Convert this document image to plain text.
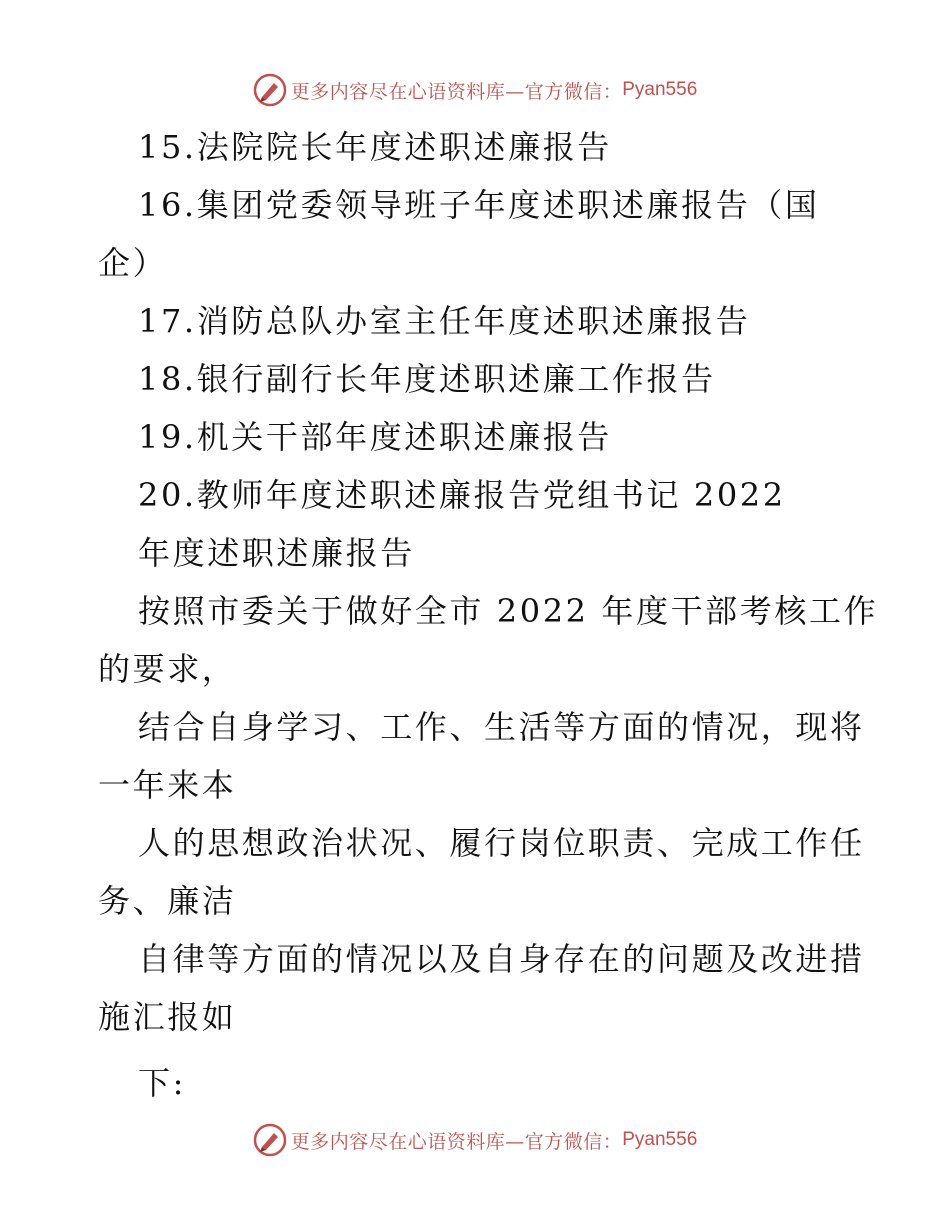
更多内容尽在心语资料库—官方微信： Pyan556
15.法院院长年度述职述廉报告
16.集团党委领导班子年度述职述廉报告（国
企）
17.消防总队办室主任年度述职述廉报告
18.银行副行长年度述职述廉工作报告
19.机关干部年度述职述廉报告
20.教师年度述职述廉报告党组书记 2022
年度述职述廉报告
按照市委关于做好全市 2022 年度干部考核工作
的要求，
结合自身学习、工作、生活等方面的情况，现将
一年来本
人的思想政治状况、履行岗位职责、完成工作任
务、廉洁
自律等方面的情况以及自身存在的问题及改进措
施汇报如
下:
更多内容尽在心语资料库—官方微信： Pyan556
